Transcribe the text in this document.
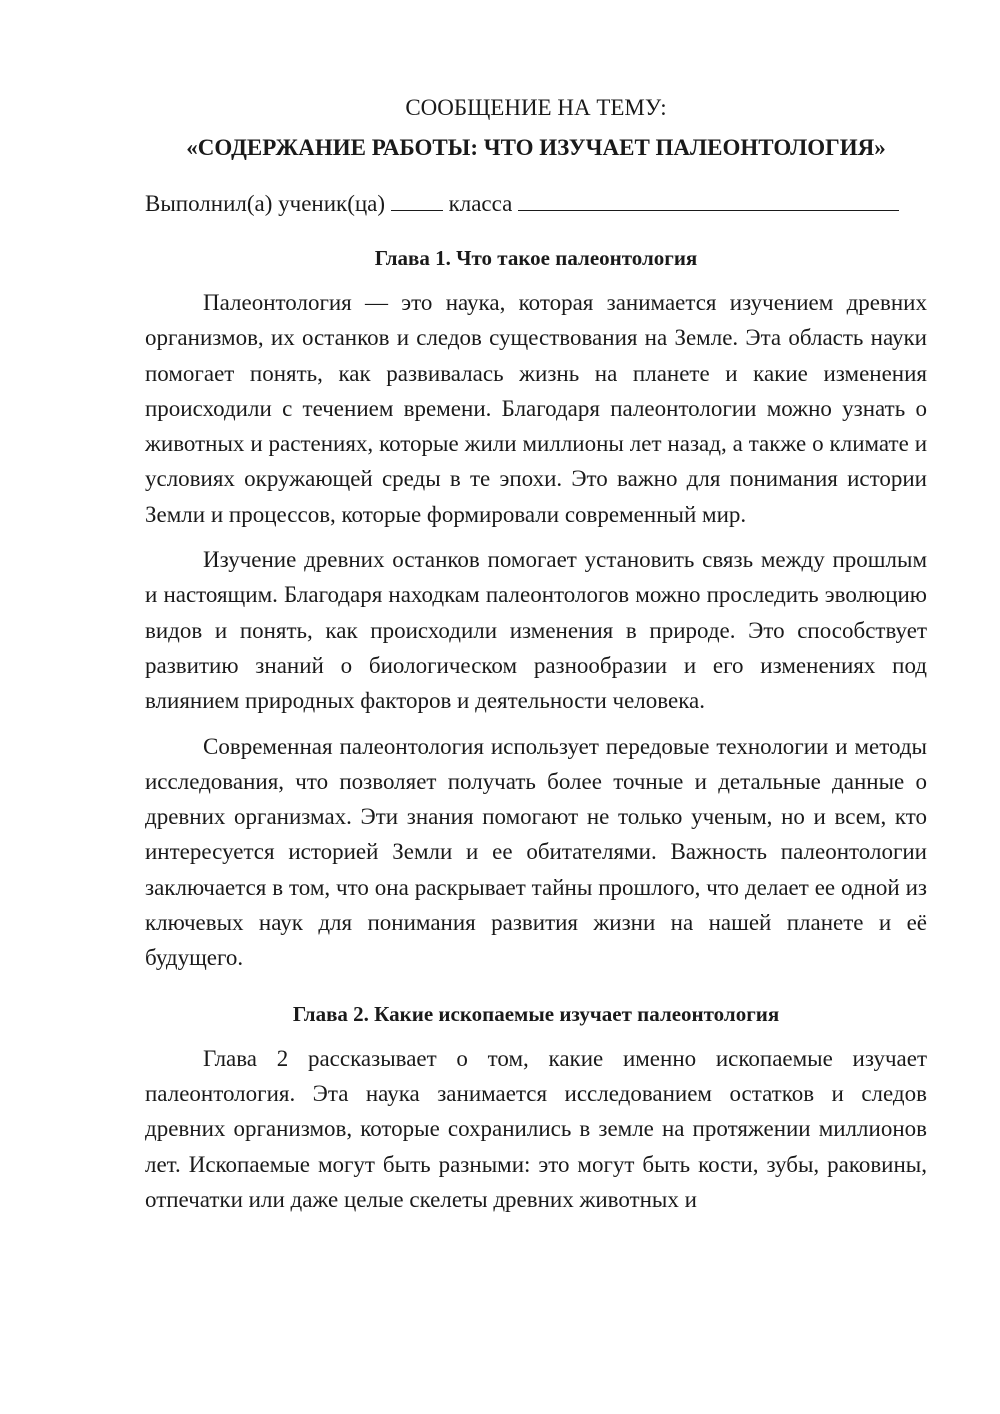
СООБЩЕНИЕ НА ТЕМУ:

«СОДЕРЖАНИЕ РАБОТЫ: ЧТО ИЗУЧАЕТ ПАЛЕОНТОЛОГИЯ»

Выполнил(а) ученик(ца)	класса

Глава 1. Что такое палеонтология

Палеонтология — это наука, которая занимается изучением древних организмов, их останков и следов существования на Земле. Эта область науки помогает понять, как развивалась жизнь на планете и какие изменения происходили с течением времени. Благодаря палеонтологии можно узнать о животных и растениях, которые жили миллионы лет назад, а также о климате и условиях окружающей среды в те эпохи. Это важно для понимания истории Земли и процессов, которые формировали современный мир.

Изучение древних останков помогает установить связь между прошлым и настоящим. Благодаря находкам палеонтологов можно проследить эволюцию видов и понять, как происходили изменения в природе. Это способствует развитию знаний о биологическом разнообразии и его изменениях под влиянием природных факторов и деятельности человека.

Современная палеонтология использует передовые технологии и методы исследования, что позволяет получать более точные и детальные данные о древних организмах. Эти знания помогают не только ученым, но и всем, кто интересуется историей Земли и ее обитателями. Важность палеонтологии заключается в том, что она раскрывает тайны прошлого, что делает ее одной из ключевых наук для понимания развития жизни на нашей планете и её будущего.

Глава 2. Какие ископаемые изучает палеонтология

Глава 2 рассказывает о том, какие именно ископаемые изучает палеонтология. Эта наука занимается исследованием остатков и следов древних организмов, которые сохранились в земле на протяжении миллионов лет. Ископаемые могут быть разными: это могут быть кости, зубы, раковины, отпечатки или даже целые скелеты древних животных и
